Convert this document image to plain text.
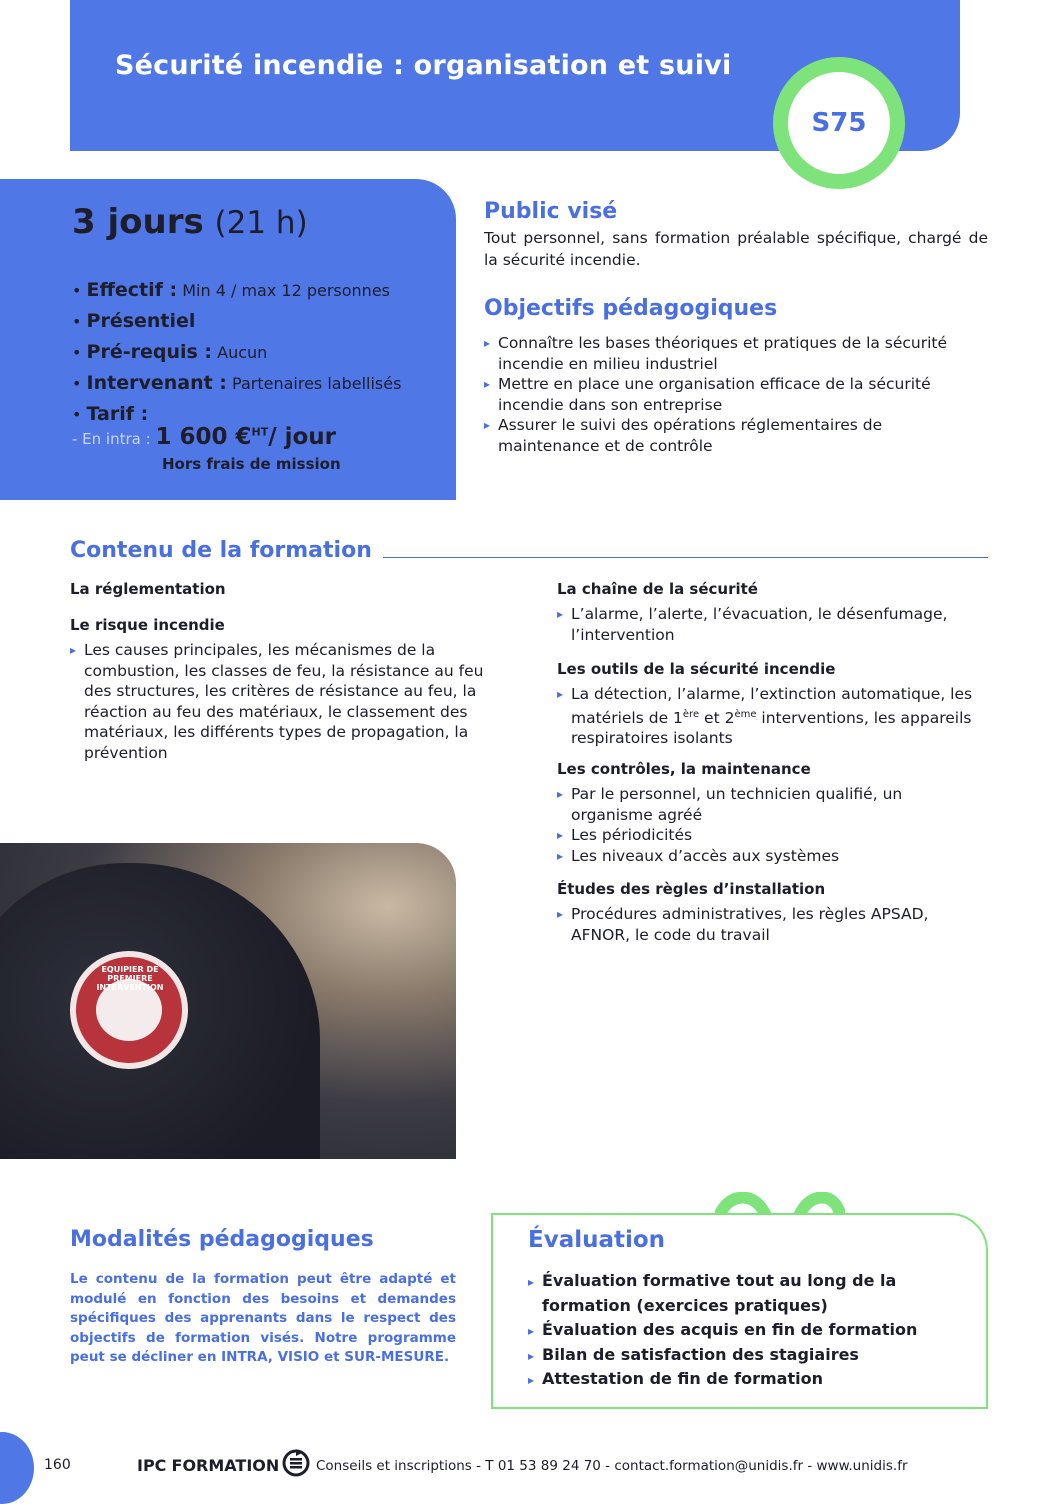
Sécurité incendie : organisation et suivi
S75
3 jours (21 h)
• Effectif : Min 4 / max 12 personnes
• Présentiel
• Pré-requis : Aucun
• Intervenant : Partenaires labellisés
• Tarif :
- En intra : 1 600 €$^{HT}$/ jour
Hors frais de mission
Public visé
Tout personnel, sans formation préalable spécifique, chargé de la sécurité incendie.
Objectifs pédagogiques
▸ Connaître les bases théoriques et pratiques de la sécurité incendie en milieu industriel
▸ Mettre en place une organisation efficace de la sécurité incendie dans son entreprise
▸ Assurer le suivi des opérations réglementaires de maintenance et de contrôle
Contenu de la formation
La réglementation
Le risque incendie
▸ Les causes principales, les mécanismes de la combustion, les classes de feu, la résistance au feu des structures, les critères de résistance au feu, la réaction au feu des matériaux, le classement des matériaux, les différents types de propagation, la prévention
La chaîne de la sécurité
▸ L’alarme, l’alerte, l’évacuation, le désenfumage, l’intervention
Les outils de la sécurité incendie
▸ La détection, l’alarme, l’extinction automatique, les matériels de 1ère et 2ème interventions, les appareils respiratoires isolants
Les contrôles, la maintenance
▸ Par le personnel, un technicien qualifié, un organisme agréé
▸ Les périodicités
▸ Les niveaux d’accès aux systèmes
Études des règles d’installation
▸ Procédures administratives, les règles APSAD, AFNOR, le code du travail
EQUIPIER DE PREMIERE INTERVENTION
Modalités pédagogiques
Le contenu de la formation peut être adapté et modulé en fonction des besoins et demandes spécifiques des apprenants dans le respect des objectifs de formation visés. Notre programme peut se décliner en INTRA, VISIO et SUR-MESURE.
Évaluation
▸ Évaluation formative tout au long de la formation (exercices pratiques)
▸ Évaluation des acquis en fin de formation
▸ Bilan de satisfaction des stagiaires
▸ Attestation de fin de formation
160	IPC FORMATION	Conseils et inscriptions - T 01 53 89 24 70 - contact.formation@unidis.fr - www.unidis.fr
